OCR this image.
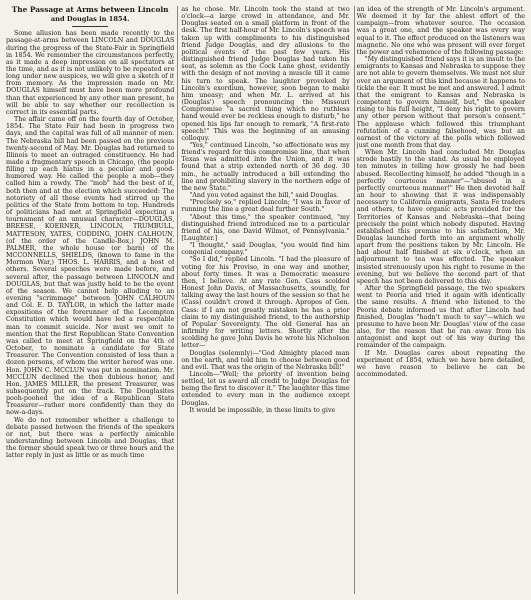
The Passage at Arms between Lincoln
and Douglas in 1854.

Some allusion has been made recently to the passage-at-arms between LINCOLN and DOUGLAS during the progress of the State-Fair in Springfield in 1854. We remember the circumstances perfectly, as it made a deep impression on all spectators at the time, and as it is not unlikely to be repeated ere long under new auspices, we will give a sketch of it from memory. As the impression made on Mr. DOUGLAS himself must have been more profound than that experienced by any other man present, he will be able to say whether our recollection is correct in its essential parts.

The affair came off on the fourth day of October, 1854. The State Fair had been in progress two days, and the capital was full of all manner of men. The Nebraska bill had been passed on the previous twenty-second of May. Mr. Douglas had returned to Illinois to meet an outraged constituency. He had made a fragmentary speech in Chicago, (the people filling up each hiatus in a peculiar and good-humored way. He called the people a mob—they called him a rowdy. The "mob" had the best of it, both then and at the election which succeeded: The notoriety of all these events had stirred up the politics of the State from bottom to top. Hundreds of politicians had met at Springfield expecting a tournament of an unusual character—DOUGLAS, BREESE, KOERNER, LINCOLN, TRUMBULL, MATTESON, YATES, CODDING, JOHN CALHOUN, (of the order of the Candle-Box,) JOHN M. PALMER, the whole house (or barn) of the MCCONNELLS, SHIELDS, (known to fame in the Mormon War,) THOS. L. HARRIS, and a host of others. Several speeches were made before, and several after, the passage between LINCOLN and DOUGLAS, but that was justly held to be the event of the season. We cannot help alluding to an evening "scrimmage" between JOHN CALHOUN and Col. E. D. TAYLOR, in which the latter made expositions of the forerunner of the Lecompton Constitution which would have led a respectable man to commit suicide. Nor must we omit to mention that the first Republican State Convention was called to meet at Springfield on the 4th of October, to nominate a candidate for State Treasurer. The Convention consisted of less than a dozen persons, of whom the writer hereof was one. Hon. JOHN C. MCCLUN was put in nomination. Mr. MCCLUN declined the then dubious honor, and Hon. JAMES MILLER, the present Treasurer, was subsequently put on the track. The Douglasites pooh-poohed the idea of a Republican State Treasurer—rather more confidently than they do now-a-days.

We do not remember whether a challenge to debate passed between the friends of the speakers or not, but there was a perfectly amicable understanding between Lincoln and Douglas, that the former should speak two or three hours and the latter reply in just as little or as much time

as he chose. Mr. Lincoln took the stand at two o'clock—a large crowd in attendance, and Mr. Douglas seated on a small platform in front of the desk. The first half-hour of Mr. Lincoln's speech was taken up with compliments to his distinguished friend Judge Douglas, and dry allusions to the political events of the past few years. His distinguished friend Judge Douglas had taken his seat, as solemn as the Cock Lane ghost, evidently with the design of not moving a muscle till it came his turn to speak. The laughter provoked by Lincoln's exordium, however, soon began to make him uneasy; and when Mr. L. arrived at his (Douglas') speech pronouncing the Missouri Compromise "a sacred thing which no ruthless hand would ever be reckless enough to disturb," he opened his lips far enough to remark, "A first-rate speech!" This was the beginning of an amusing colloquy.

"Yes," continued Lincoln, "so affectionate was my friend's regard for this compromise line, that when Texas was admitted into the Union, and it was found that a strip extended north of 36 deg. 30 min., he actually introduced a bill extending the line and prohibiting slavery in the northern edge of the new State."

"And you voted against the bill," said Douglas.

"Precisely so," replied Lincoln; "I was in favor of running the line a great deal further South."

"About this time," the speaker continued, "my distinguished friend introduced me to a particular friend of his, one David Wilmot, of Pennsylvania." [Laughter.]

"I thought," said Douglas, "you would find him congenial company."

"So I did," replied Lincoln. "I had the pleasure of voting for his Proviso, in one way and another, about forty times. It was a Democratic measure then, I believe. At any rate Gen. Cass scolded Honest John Davis, of Massachusetts, soundly, for talking away the last hours of the session so that he (Cass) couldn't crowd it through. Apropos of Gen. Cass: if I am not greatly mistaken he has a prior claim to my distinguished friend, to the authorship of Popular Sovereignty. The old General has an infirmity for writing letters. Shortly after the scolding he gave John Davis he wrote his Nicholson letter—

Douglas (solemnly)—"God Almighty placed man on the earth, and told him to choose between good and evil. That was the origin of the Nebraska bill!"

Lincoln—"Well; the priority of invention being settled, let us award all credit to Judge Douglas for being the first to discover it." The laughter this time extended to every man in the audience except Douglas.

It would be impossible, in these limits to give

an idea of the strength of Mr. Lincoln's argument. We deemed it by far the ablest effort of the campaign—from whatever source. The occasion was a great one, and the speaker was every way equal to it. The effect produced on the listeners was magnetic. No one who was present will ever forget the power and vehemence of the following passage:

"My distinguished friend says it is an insult to the emigrants to Kansas and Nebraska to suppose they are not able to govern themselves. We must not slur over an argument of this kind because it happens to tickle the ear. It must be met and answered. I admit that the emigrant to Kansas and Nebraska is competent to govern himself, but," the speaker rising to his full height, "I deny his right to govern any other person without that person's consent." The applause which followed this triumphant refutation of a cunning falsehood, was but an earnest of the victory at the polls which followed just one month from that day.

When Mr. Lincoln had concluded Mr. Douglas strode hastily to the stand. As usual he employed ten minutes in telling how grossly he had been abused. Recollecting himself, he added "though in a perfectly courteous manner"—"abused in a perfectly courteous manner!" He then devoted half an hour to showing that it was indispensably necessary to California emigrants, Santa Fe traders and others, to have organic acts provided for the Territories of Kansas and Nebraska—that being precisely the point which nobody disputed. Having established this premise to his satisfaction, Mr. Douglas launched forth into an argument wholly apart from the positions taken by Mr. Lincoln. He had about half finished at six o'clock, when an adjournment to tea was effected. The speaker insisted strenuously upon his right to resume in the evening, but we believe the second part of that speech has not been delivered to this day.

After the Springfield passage, the two speakers went to Peoria and tried it again with identically the same results. A friend who listened to the Peoria debate informed us that after Lincoln had finished, Douglas "hadn't much to say"—which we presume to have been Mr. Douglas' view of the case also, for the reason that he ran away from his antagonist and kept out of his way during the remainder of the campaign.

If Mr. Douglas cares about repeating the experiment of 1854, which we have here detailed, we have reason to believe he can be accommodated.
